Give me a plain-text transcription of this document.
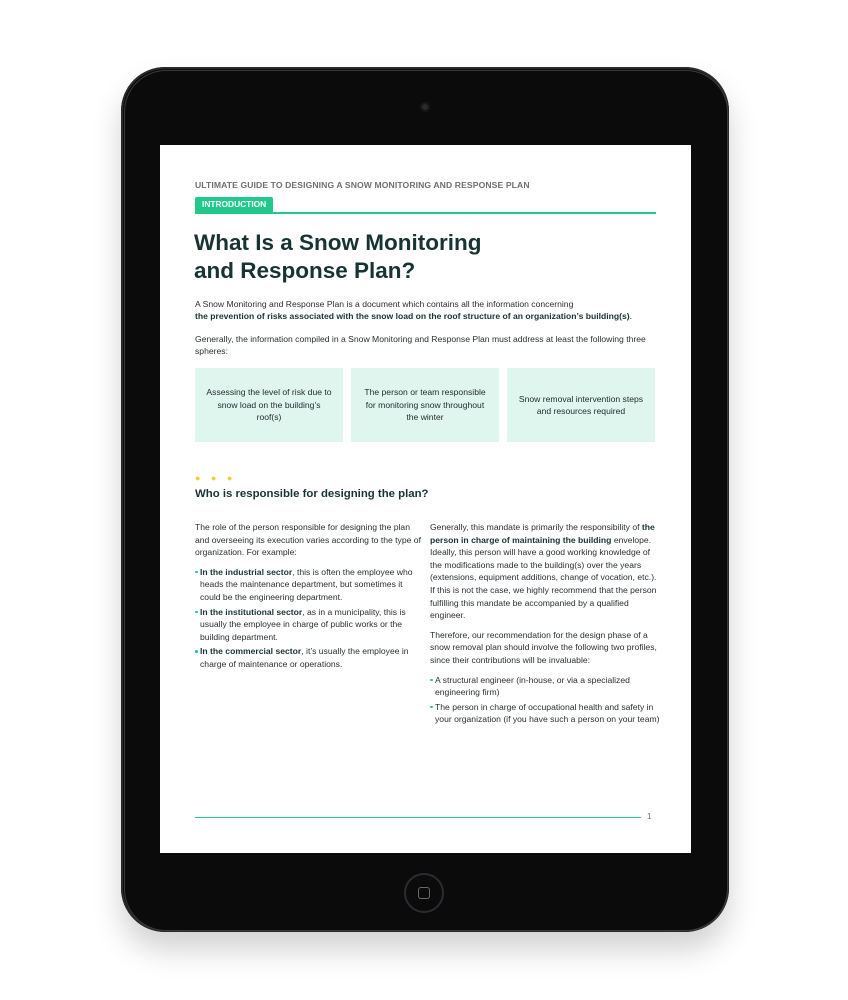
ULTIMATE GUIDE TO DESIGNING A SNOW MONITORING AND RESPONSE PLAN
INTRODUCTION
What Is a Snow Monitoring
and Response Plan?
A Snow Monitoring and Response Plan is a document which contains all the information concerning
the prevention of risks associated with the snow load on the roof structure of an organization’s building(s).
Generally, the information compiled in a Snow Monitoring and Response Plan must address at least the following three spheres:
Assessing the level of risk due to snow load on the building’s roof(s)
The person or team responsible for monitoring snow throughout the winter
Snow removal intervention steps and resources required
● ● ●
Who is responsible for designing the plan?

The role of the person responsible for designing the plan and overseeing its execution varies according to the type of organization. For example:

In the industrial sector, this is often the employee who heads the maintenance department, but sometimes it could be the engineering department.
In the institutional sector, as in a municipality, this is usually the employee in charge of public works or the building department.
In the commercial sector, it’s usually the employee in charge of maintenance or operations.

Generally, this mandate is primarily the responsibility of the person in charge of maintaining the building envelope. Ideally, this person will have a good working knowledge of the modifications made to the building(s) over the years (extensions, equipment additions, change of vocation, etc.). If this is not the case, we highly recommend that the person fulfilling this mandate be accompanied by a qualified engineer.

Therefore, our recommendation for the design phase of a snow removal plan should involve the following two profiles, since their contributions will be invaluable:

A structural engineer (in-house, or via a specialized engineering firm)
The person in charge of occupational health and safety in your organization (if you have such a person on your team)
1
